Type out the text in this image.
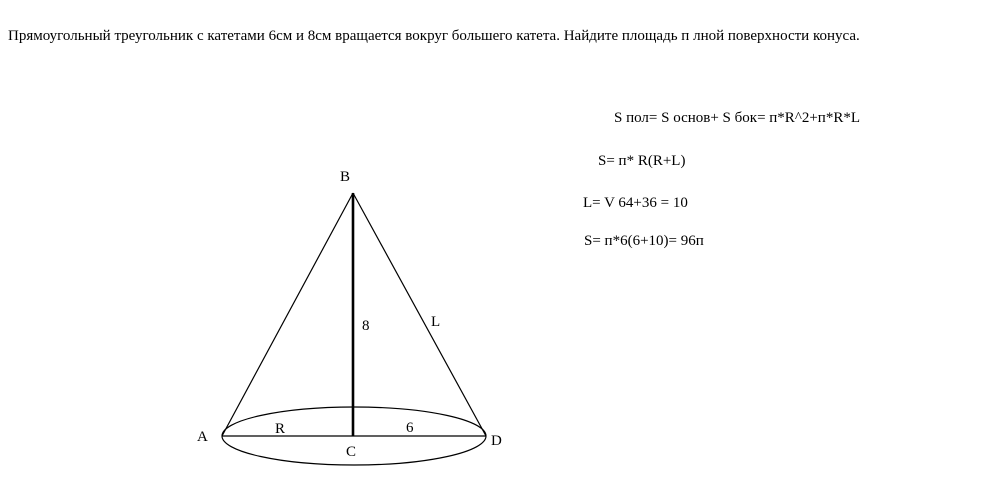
Прямоугольный треугольник с катетами 6см и 8см вращается вокруг большего катета. Найдите площадь п лной поверхности конуса.
S пол= S основ+ S бок= п*R^2+п*R*L
S= п* R(R+L)
L= V 64+36 = 10
S= п*6(6+10)= 96п
B
A
C
D
8	L
R	6
